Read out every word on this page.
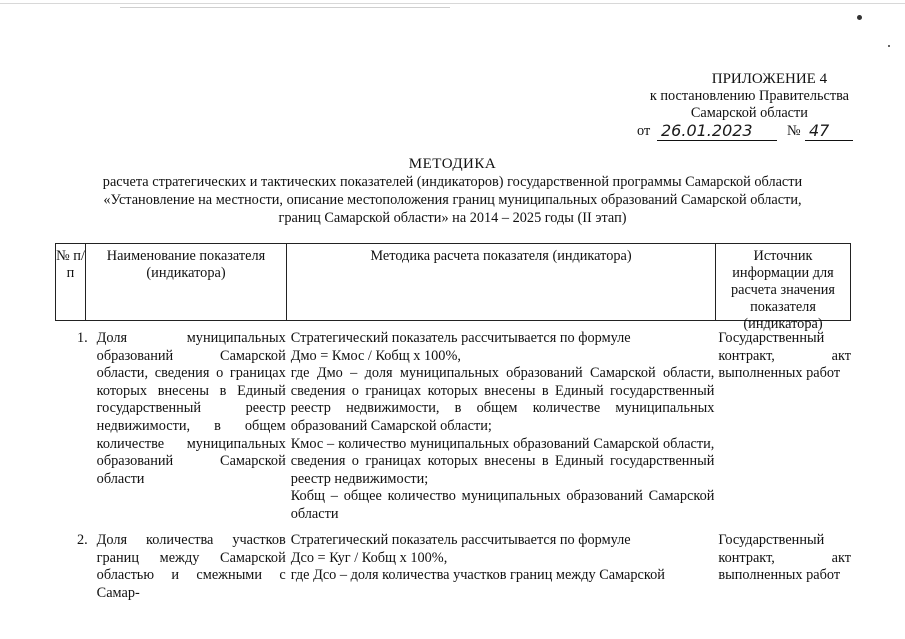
ПРИЛОЖЕНИЕ 4
к постановлению Правительства
Самарской области
от 26.01.2023	№ 47
МЕТОДИКА
расчета стратегических и тактических показателей (индикаторов) государственной программы Самарской области
«Установление на местности, описание местоположения границ муниципальных образований Самарской области,
границ Самарской области» на 2014 – 2025 годы (II этап)
№ п/п
Наименование показателя (индикатора)
Методика расчета показателя (индикатора)	Источник информации для расчета значения показателя (индикатора)
1. Доля муниципальных образований Самарской области, сведения о границах которых внесены в Единый государственный реестр недвижимости, в общем количестве муниципальных образований Самарской области

Стратегический показатель рассчитывается по формуле

Дмо = Кмос / Кобщ х 100%,

где Дмо – доля муниципальных образований Самарской области, сведения о границах которых внесены в Единый государственный реестр недвижимости, в общем количестве муниципальных образований Самарской области;

Кмос – количество муниципальных образований Самарской области, сведения о границах которых внесены в Единый государственный реестр недвижимости;

Кобщ – общее количество муниципальных образований Самарской области

Государственный контракт, акт выполненных работ
2. Доля количества участков границ между Самарской областью и смежными с Самар-

Стратегический показатель рассчитывается по формуле

Дсо = Куг / Кобщ х 100%,

где Дсо – доля количества участков границ между Самарской

Государственный контракт, акт выполненных работ
